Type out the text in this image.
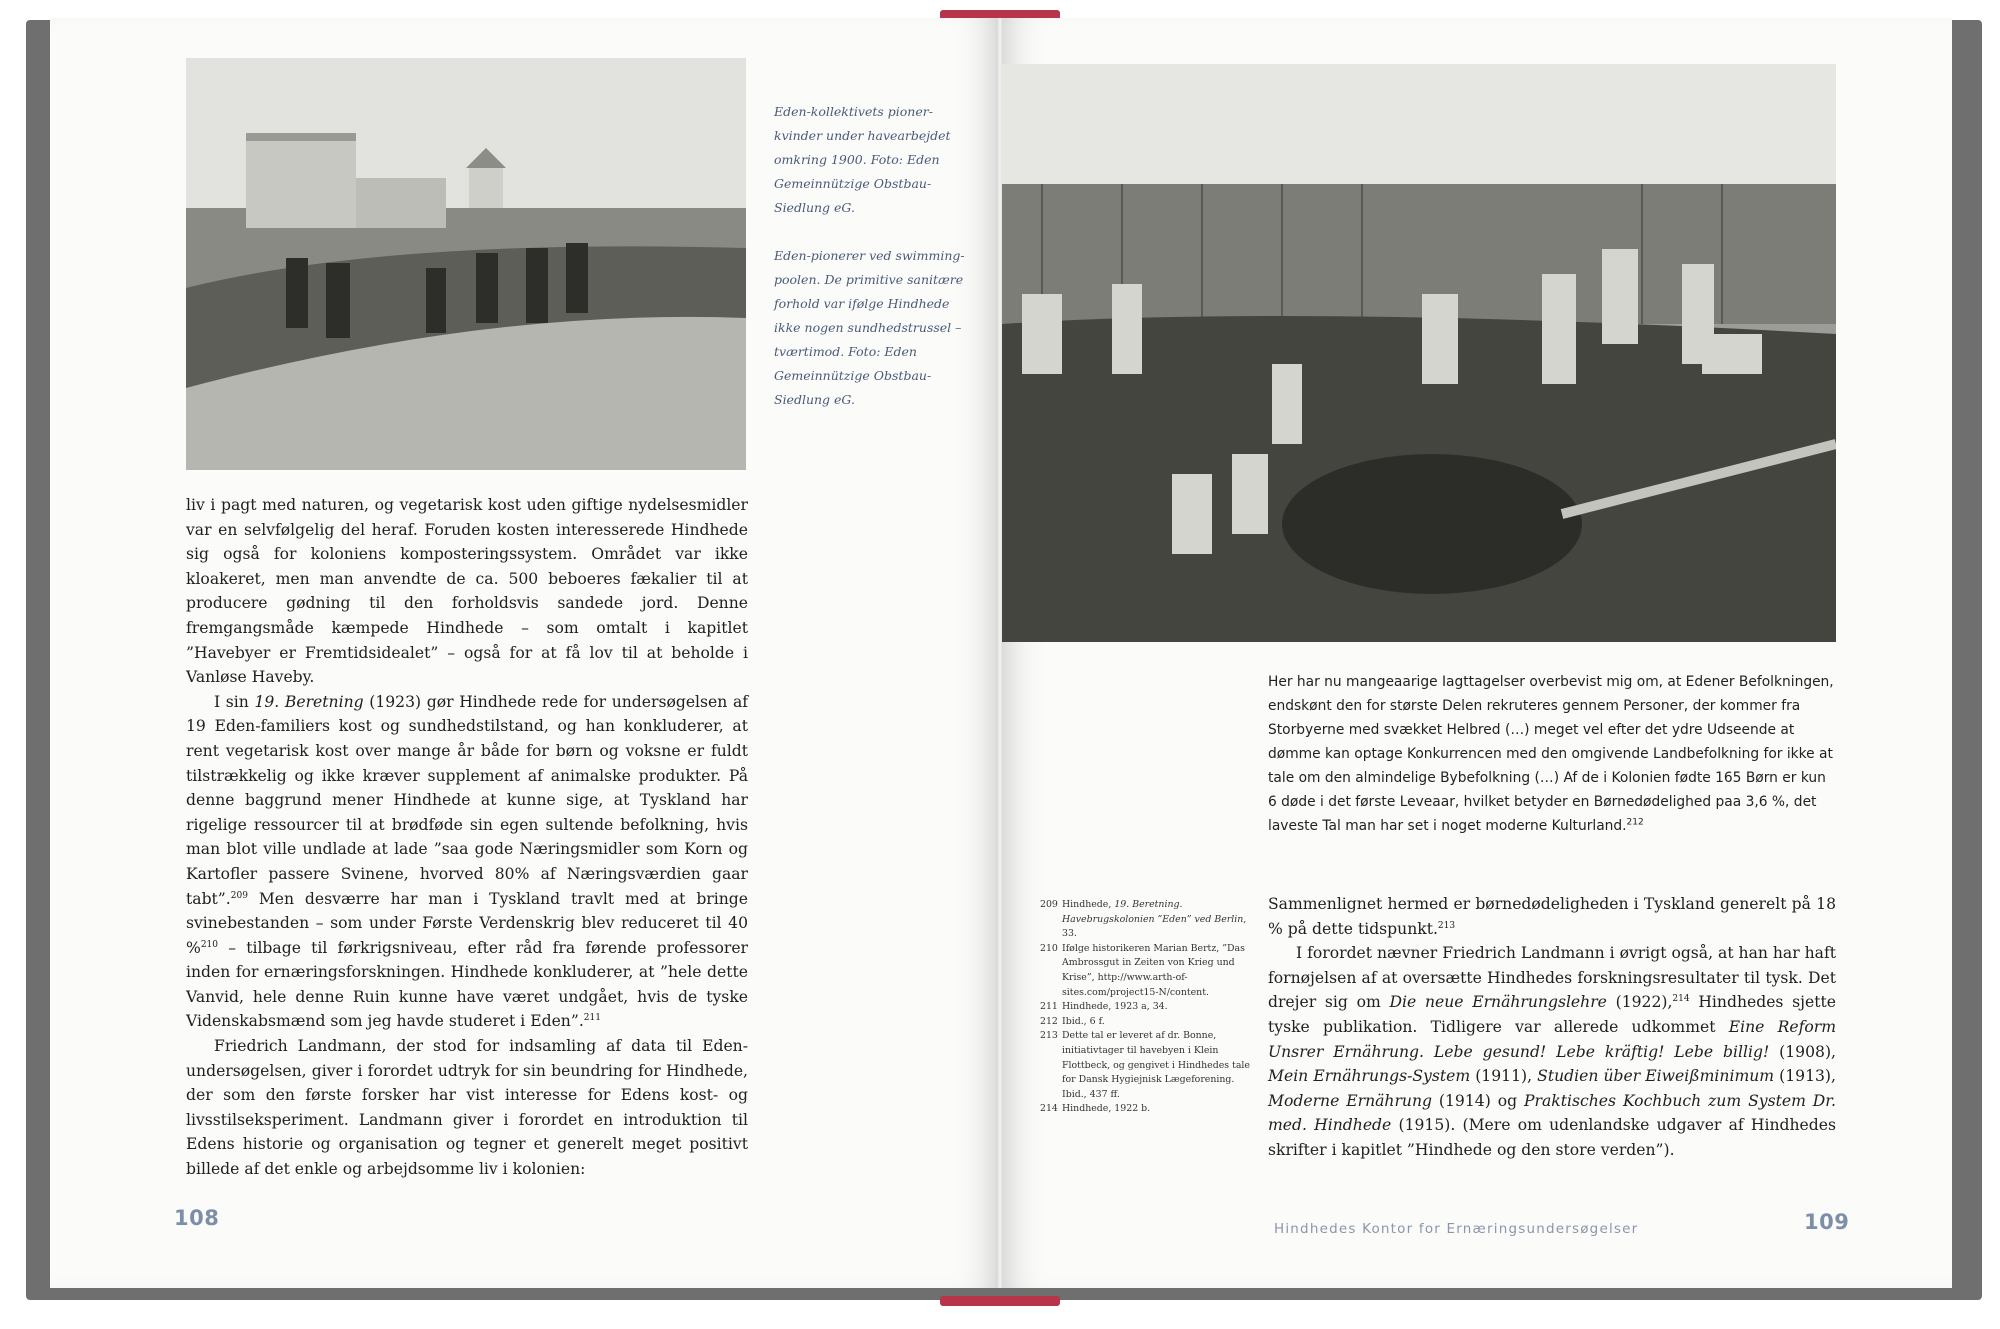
Eden-kollektivets pioner-kvinder under havearbejdet omkring 1900. Foto: Eden Gemeinnützige Obstbau-Siedlung eG.

Eden-pionerer ved swimming-poolen. De primitive sanitære forhold var ifølge Hindhede ikke nogen sundhedstrussel – tværtimod. Foto: Eden Gemeinnützige Obstbau-Siedlung eG.

liv i pagt med naturen, og vegetarisk kost uden giftige nydelsesmidler var en selvfølgelig del heraf. Foruden kosten interesserede Hindhede sig også for koloniens komposteringssystem. Området var ikke kloakeret, men man anvendte de ca. 500 beboeres fækalier til at producere gødning til den forholdsvis sandede jord. Denne fremgangsmåde kæmpede Hindhede – som omtalt i kapitlet ”Havebyer er Fremtidsidealet” – også for at få lov til at beholde i Vanløse Haveby.

I sin 19. Beretning (1923) gør Hindhede rede for undersøgelsen af 19 Eden-familiers kost og sundhedstilstand, og han konkluderer, at rent vegetarisk kost over mange år både for børn og voksne er fuldt tilstrækkelig og ikke kræver supplement af animalske produkter. På denne baggrund mener Hindhede at kunne sige, at Tyskland har rigelige ressourcer til at brødføde sin egen sultende befolkning, hvis man blot ville undlade at lade ”saa gode Næringsmidler som Korn og Kartofler passere Svinene, hvorved 80% af Næringsværdien gaar tabt”.$^{209}$ Men desværre har man i Tyskland travlt med at bringe svinebestanden – som under Første Verdenskrig blev reduceret til 40 %$^{210}$ – tilbage til førkrigsniveau, efter råd fra førende professorer inden for ernæringsforskningen. Hindhede konkluderer, at ”hele dette Vanvid, hele denne Ruin kunne have været undgået, hvis de tyske Videnskabsmænd som jeg havde studeret i Eden”.$^{211}$

Friedrich Landmann, der stod for indsamling af data til Eden-undersøgelsen, giver i forordet udtryk for sin beundring for Hindhede, der som den første forsker har vist interesse for Edens kost- og livsstilseksperiment. Landmann giver i forordet en introduktion til Edens historie og organisation og tegner et generelt meget positivt billede af det enkle og arbejdsomme liv i kolonien:

108
Her har nu mangeaarige Iagttagelser overbevist mig om, at Edener Befolkningen, endskønt den for største Delen rekruteres gennem Personer, der kommer fra Storbyerne med svækket Helbred (…) meget vel efter det ydre Udseende at dømme kan optage Konkurrencen med den omgivende Landbefolkning for ikke at tale om den almindelige Bybefolkning (…) Af de i Kolonien fødte 165 Børn er kun 6 døde i det første Leveaar, hvilket betyder en Børnedødelighed paa 3,6 %, det laveste Tal man har set i noget moderne Kulturland.$^{212}$
209 Hindhede, 19. Beretning. Havebrugskolonien ”Eden” ved Berlin, 33.
210 Ifølge historikeren Marian Bertz, ”Das Ambrossgut in Zeiten von Krieg und Krise”, http://www.arth-of-sites.com/project15-N/content.
211 Hindhede, 1923 a, 34.
212 Ibid., 6 f.
213 Dette tal er leveret af dr. Bonne, initiativtager til havebyen i Klein Flottbeck, og gengivet i Hindhedes tale for Dansk Hygiejnisk Lægeforening. Ibid., 437 ff.
214 Hindhede, 1922 b.

Sammenlignet hermed er børnedødeligheden i Tyskland generelt på 18 % på dette tidspunkt.$^{213}$

I forordet nævner Friedrich Landmann i øvrigt også, at han har haft fornøjelsen af at oversætte Hindhedes forskningsresultater til tysk. Det drejer sig om Die neue Ernährungslehre (1922),$^{214}$ Hindhedes sjette tyske publikation. Tidligere var allerede udkommet Eine Reform Unsrer Ernährung. Lebe gesund! Lebe kräftig! Lebe billig! (1908), Mein Ernährungs-System (1911), Studien über Eiweißminimum (1913), Moderne Ernährung (1914) og Praktisches Kochbuch zum System Dr. med. Hindhede (1915). (Mere om udenlandske udgaver af Hindhedes skrifter i kapitlet ”Hindhede og den store verden”).

Hindhedes Kontor for Ernæringsundersøgelser	109
